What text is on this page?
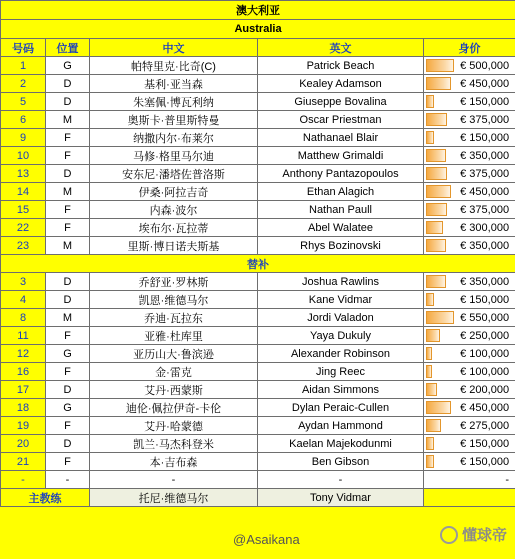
澳大利亚				
Australia				
号码	位置	中文	英文	身价
1	G	帕特里克·比奇(C)	Patrick Beach	€ 500,000
2	D	基利·亚当森	Kealey Adamson	€ 450,000
5	D	朱塞佩·博瓦利纳	Giuseppe Bovalina	€ 150,000
6	M	奥斯卡·普里斯特曼	Oscar Priestman	€ 375,000
9	F	纳撒内尔·布莱尔	Nathanael Blair	€ 150,000
10	F	马修·格里马尔迪	Matthew Grimaldi	€ 350,000
13	D	安东尼·潘塔佐普洛斯	Anthony Pantazopoulos	€ 375,000
14	M	伊桑·阿拉吉奇	Ethan Alagich	€ 450,000
15	F	内森·波尔	Nathan Paull	€ 375,000
22	F	埃布尔·瓦拉蒂	Abel Walatee	€ 300,000
23	M	里斯·博日诺夫斯基	Rhys Bozinovski	€ 350,000
替补				
3	D	乔舒亚·罗林斯	Joshua Rawlins	€ 350,000
4	D	凯恩·维德马尔	Kane Vidmar	€ 150,000
8	M	乔迪·瓦拉东	Jordi Valadon	€ 550,000
11	F	亚雅·杜库里	Yaya Dukuly	€ 250,000
12	G	亚历山大·鲁滨逊	Alexander Robinson	€ 100,000
16	F	金·雷克	Jing Reec	€ 100,000
17	D	艾丹·西蒙斯	Aidan Simmons	€ 200,000
18	G	迪伦·佩拉伊奇-卡伦	Dylan Peraic-Cullen	€ 450,000
19	F	艾丹·哈蒙德	Aydan Hammond	€ 275,000
20	D	凯兰·马杰科登米	Kaelan Majekodunmi	€ 150,000
21	F	本·吉布森	Ben Gibson	€ 150,000
-	-	-	-	-
主教练		托尼·维德马尔	Tony Vidmar	
@Asaikana	懂球帝
